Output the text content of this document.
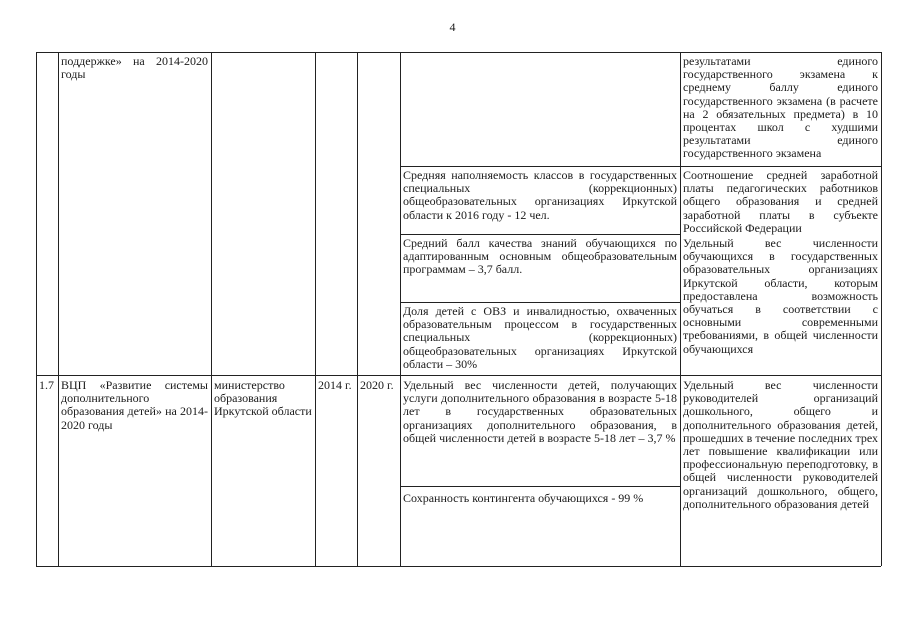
4
поддержке» на 2014-2020 годы
результатами единого государственного экзамена к среднему баллу единого государственного экзамена (в расчете на 2 обязательных предмета) в 10 процентах школ с худшими результатами единого государственного экзамена
Средняя наполняемость классов в государственных специальных (коррекционных) общеобразовательных организациях Иркутской области к 2016 году - 12 чел.
Соотношение средней заработной платы педагогических работников общего образования и средней заработной платы в субъекте Российской Федерации
Средний балл качества знаний обучающихся по адаптированным основным общеобразовательным программам – 3,7 балл.
Удельный вес численности обучающихся в государственных образовательных организациях Иркутской области, которым предоставлена возможность обучаться в соответствии с основными современными требованиями, в общей численности обучающихся
Доля детей с ОВЗ и инвалидностью, охваченных образовательным процессом в государственных специальных (коррекционных) общеобразовательных организациях Иркутской области – 30%
1.7 ВЦП «Развитие системы дополнительного образования детей» на 2014-2020 годы
министерство образования Иркутской области
2014 г. 2020 г. Удельный вес численности детей, получающих услуги дополнительного образования в возрасте 5-18 лет в государственных образовательных организациях дополнительного образования, в общей численности детей в возрасте 5-18 лет – 3,7 %
Сохранность контингента обучающихся - 99 %
Удельный вес численности руководителей организаций дошкольного, общего и дополнительного образования детей, прошедших в течение последних трех лет повышение квалификации или профессиональную переподготовку, в общей численности руководителей организаций дошкольного, общего, дополнительного образования детей
